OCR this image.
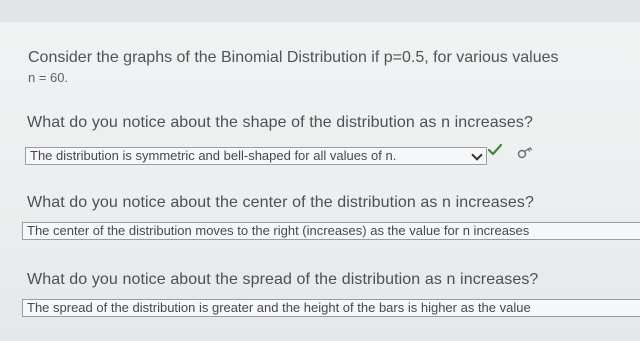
Consider the graphs of the Binomial Distribution if p=0.5, for various values
n = 60.
What do you notice about the shape of the distribution as n increases?
The distribution is symmetric and bell-shaped for all values of n.
What do you notice about the center of the distribution as n increases?
The center of the distribution moves to the right (increases) as the value for n increases
What do you notice about the spread of the distribution as n increases?
The spread of the distribution is greater and the height of the bars is higher as the value
